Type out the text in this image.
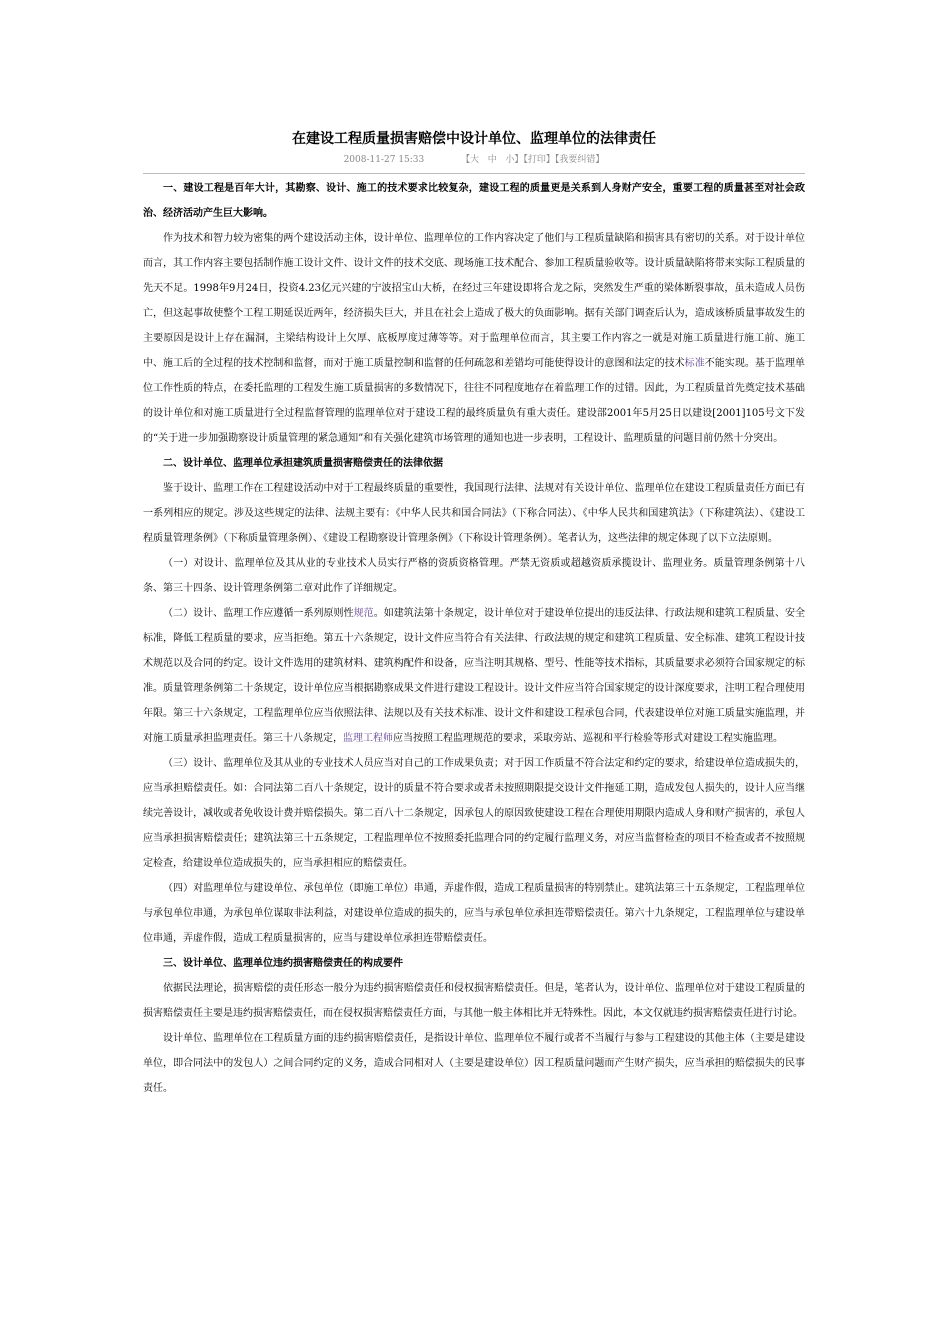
在建设工程质量损害赔偿中设计单位、监理单位的法律责任
2008-11-27 15:33	【大 中 小】【打印】【我要纠错】

一、建设工程是百年大计，其勘察、设计、施工的技术要求比较复杂，建设工程的质量更是关系到人身财产安全，重要工程的质量甚至对社会政治、经济活动产生巨大影响。

作为技术和智力较为密集的两个建设活动主体，设计单位、监理单位的工作内容决定了他们与工程质量缺陷和损害具有密切的关系。对于设计单位而言，其工作内容主要包括制作施工设计文件、设计文件的技术交底、现场施工技术配合、参加工程质量验收等。设计质量缺陷将带来实际工程质量的先天不足。1998年9月24日，投资4.23亿元兴建的宁波招宝山大桥，在经过三年建设即将合龙之际，突然发生严重的梁体断裂事故，虽未造成人员伤亡，但这起事故使整个工程工期延误近两年，经济损失巨大，并且在社会上造成了极大的负面影响。据有关部门调查后认为，造成该桥质量事故发生的主要原因是设计上存在漏洞，主梁结构设计上欠厚、底板厚度过薄等等。对于监理单位而言，其主要工作内容之一就是对施工质量进行施工前、施工中、施工后的全过程的技术控制和监督，而对于施工质量控制和监督的任何疏忽和差错均可能使得设计的意图和法定的技术标准不能实现。基于监理单位工作性质的特点，在委托监理的工程发生施工质量损害的多数情况下，往往不同程度地存在着监理工作的过错。因此，为工程质量首先奠定技术基础的设计单位和对施工质量进行全过程监督管理的监理单位对于建设工程的最终质量负有重大责任。建设部2001年5月25日以建设[2001]105号文下发的“关于进一步加强勘察设计质量管理的紧急通知”和有关强化建筑市场管理的通知也进一步表明，工程设计、监理质量的问题目前仍然十分突出。

二、设计单位、监理单位承担建筑质量损害赔偿责任的法律依据

鉴于设计、监理工作在工程建设活动中对于工程最终质量的重要性，我国现行法律、法规对有关设计单位、监理单位在建设工程质量责任方面已有一系列相应的规定。涉及这些规定的法律、法规主要有：《中华人民共和国合同法》（下称合同法）、《中华人民共和国建筑法》（下称建筑法）、《建设工程质量管理条例》（下称质量管理条例）、《建设工程勘察设计管理条例》（下称设计管理条例）。笔者认为，这些法律的规定体现了以下立法原则。

（一）对设计、监理单位及其从业的专业技术人员实行严格的资质资格管理。严禁无资质或超越资质承揽设计、监理业务。质量管理条例第十八条、第三十四条、设计管理条例第二章对此作了详细规定。

（二）设计、监理工作应遵循一系列原则性规范。如建筑法第十条规定，设计单位对于建设单位提出的违反法律、行政法规和建筑工程质量、安全标准，降低工程质量的要求，应当拒绝。第五十六条规定，设计文件应当符合有关法律、行政法规的规定和建筑工程质量、安全标准、建筑工程设计技术规范以及合同的约定。设计文件选用的建筑材料、建筑构配件和设备，应当注明其规格、型号、性能等技术指标，其质量要求必须符合国家规定的标准。质量管理条例第二十条规定，设计单位应当根据勘察成果文件进行建设工程设计。设计文件应当符合国家规定的设计深度要求，注明工程合理使用年限。第三十六条规定，工程监理单位应当依照法律、法规以及有关技术标准、设计文件和建设工程承包合同，代表建设单位对施工质量实施监理，并对施工质量承担监理责任。第三十八条规定，监理工程师应当按照工程监理规范的要求，采取旁站、巡视和平行检验等形式对建设工程实施监理。

（三）设计、监理单位及其从业的专业技术人员应当对自己的工作成果负责；对于因工作质量不符合法定和约定的要求，给建设单位造成损失的，应当承担赔偿责任。如：合同法第二百八十条规定，设计的质量不符合要求或者未按照期限提交设计文件拖延工期，造成发包人损失的，设计人应当继续完善设计，减收或者免收设计费并赔偿损失。第二百八十二条规定，因承包人的原因致使建设工程在合理使用期限内造成人身和财产损害的，承包人应当承担损害赔偿责任；建筑法第三十五条规定，工程监理单位不按照委托监理合同的约定履行监理义务，对应当监督检查的项目不检查或者不按照规定检查，给建设单位造成损失的，应当承担相应的赔偿责任。

（四）对监理单位与建设单位、承包单位（即施工单位）串通，弄虚作假，造成工程质量损害的特别禁止。建筑法第三十五条规定，工程监理单位与承包单位串通，为承包单位谋取非法利益，对建设单位造成的损失的，应当与承包单位承担连带赔偿责任。第六十九条规定，工程监理单位与建设单位串通，弄虚作假，造成工程质量损害的，应当与建设单位承担连带赔偿责任。

三、设计单位、监理单位违约损害赔偿责任的构成要件

依据民法理论，损害赔偿的责任形态一般分为违约损害赔偿责任和侵权损害赔偿责任。但是，笔者认为，设计单位、监理单位对于建设工程质量的损害赔偿责任主要是违约损害赔偿责任，而在侵权损害赔偿责任方面，与其他一般主体相比并无特殊性。因此，本文仅就违约损害赔偿责任进行讨论。

设计单位、监理单位在工程质量方面的违约损害赔偿责任，是指设计单位、监理单位不履行或者不当履行与参与工程建设的其他主体（主要是建设单位，即合同法中的发包人）之间合同约定的义务，造成合同相对人（主要是建设单位）因工程质量问题而产生财产损失，应当承担的赔偿损失的民事责任。
